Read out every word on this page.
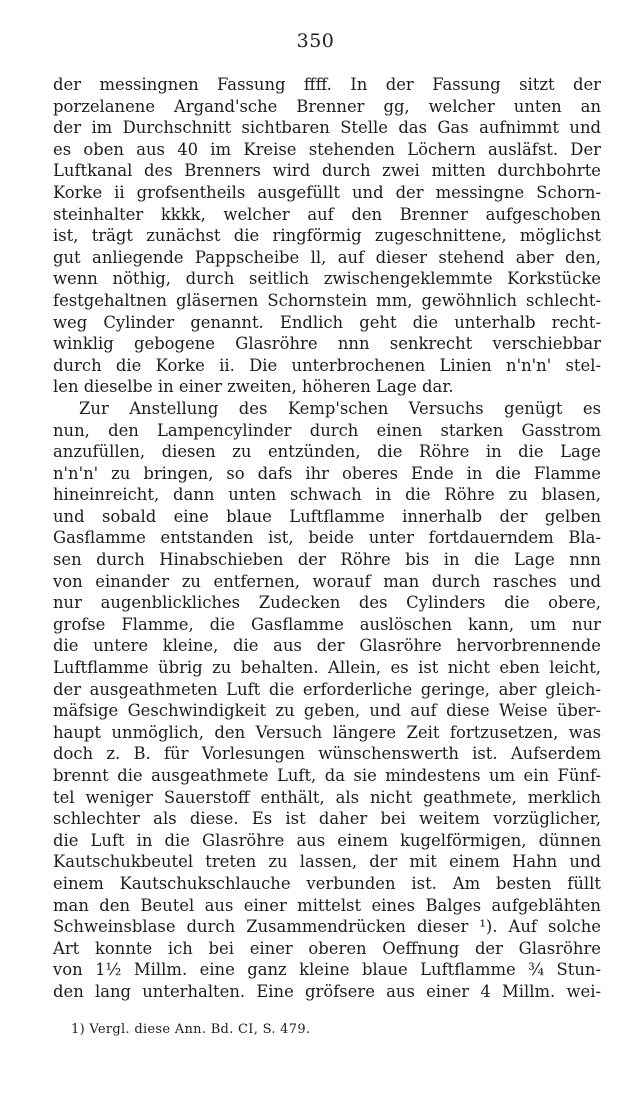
350
der messingnen Fassung ffff. In der Fassung sitzt der
porzelanene Argand'sche Brenner gg, welcher unten an
der im Durchschnitt sichtbaren Stelle das Gas aufnimmt und
es oben aus 40 im Kreise stehenden Löchern ausläfst. Der
Luftkanal des Brenners wird durch zwei mitten durchbohrte
Korke ii grofsentheils ausgefüllt und der messingne Schorn-
steinhalter kkkk, welcher auf den Brenner aufgeschoben
ist, trägt zunächst die ringförmig zugeschnittene, möglichst
gut anliegende Pappscheibe ll, auf dieser stehend aber den,
wenn nöthig, durch seitlich zwischengeklemmte Korkstücke
festgehaltnen gläsernen Schornstein mm, gewöhnlich schlecht-
weg Cylinder genannt. Endlich geht die unterhalb recht-
winklig gebogene Glasröhre nnn senkrecht verschiebbar
durch die Korke ii. Die unterbrochenen Linien n'n'n' stel-
len dieselbe in einer zweiten, höheren Lage dar.
Zur Anstellung des Kemp'schen Versuchs genügt es
nun, den Lampencylinder durch einen starken Gasstrom
anzufüllen, diesen zu entzünden, die Röhre in die Lage
n'n'n' zu bringen, so dafs ihr oberes Ende in die Flamme
hineinreicht, dann unten schwach in die Röhre zu blasen,
und sobald eine blaue Luftflamme innerhalb der gelben
Gasflamme entstanden ist, beide unter fortdauerndem Bla-
sen durch Hinabschieben der Röhre bis in die Lage nnn
von einander zu entfernen, worauf man durch rasches und
nur augenblickliches Zudecken des Cylinders die obere,
grofse Flamme, die Gasflamme auslöschen kann, um nur
die untere kleine, die aus der Glasröhre hervorbrennende
Luftflamme übrig zu behalten. Allein, es ist nicht eben leicht,
der ausgeathmeten Luft die erforderliche geringe, aber gleich-
mäfsige Geschwindigkeit zu geben, und auf diese Weise über-
haupt unmöglich, den Versuch längere Zeit fortzusetzen, was
doch z. B. für Vorlesungen wünschenswerth ist. Aufserdem
brennt die ausgeathmete Luft, da sie mindestens um ein Fünf-
tel weniger Sauerstoff enthält, als nicht geathmete, merklich
schlechter als diese. Es ist daher bei weitem vorzüglicher,
die Luft in die Glasröhre aus einem kugelförmigen, dünnen
Kautschukbeutel treten zu lassen, der mit einem Hahn und
einem Kautschukschlauche verbunden ist. Am besten füllt
man den Beutel aus einer mittelst eines Balges aufgeblähten
Schweinsblase durch Zusammendrücken dieser ¹). Auf solche
Art konnte ich bei einer oberen Oeffnung der Glasröhre
von 1½ Millm. eine ganz kleine blaue Luftflamme ¾ Stun-
den lang unterhalten. Eine gröfsere aus einer 4 Millm. wei-
1) Vergl. diese Ann. Bd. CI, S. 479.
